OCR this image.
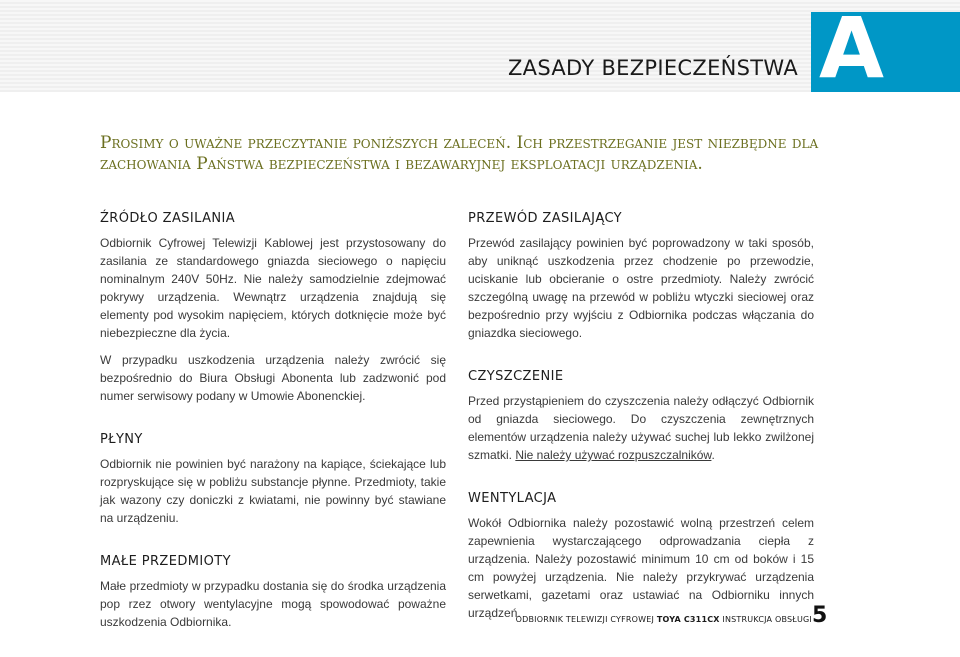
ZASADY BEZPIECZEŃSTWA A
Prosimy o uważne przeczytanie poniższych zaleceń. Ich przestrzeganie jest niezbędne dla zachowania Państwa bezpieczeństwa i bezawaryjnej eksploatacji urządzenia.
ŹRÓDŁO ZASILANIA

Odbiornik Cyfrowej Telewizji Kablowej jest przystosowany do zasilania ze standardowego gniazda sieciowego o napięciu nominalnym 240V 50Hz. Nie należy samodzielnie zdejmować pokrywy urządzenia. Wewnątrz urządzenia znajdują się elementy pod wysokim napięciem, których dotknięcie może być niebezpieczne dla życia.

W przypadku uszkodzenia urządzenia należy zwrócić się bezpośrednio do Biura Obsługi Abonenta lub zadzwonić pod numer serwisowy podany w Umowie Abonenckiej.

PŁYNY

Odbiornik nie powinien być narażony na kapiące, ściekające lub rozpryskujące się w pobliżu substancje płynne. Przedmioty, takie jak wazony czy doniczki z kwiatami, nie powinny być stawiane na urządzeniu.

MAŁE PRZEDMIOTY

Małe przedmioty w przypadku dostania się do środka urządzenia pop rzez otwory wentylacyjne mogą spowodować poważne uszkodzenia Odbiornika.

PRZEWÓD ZASILAJĄCY

Przewód zasilający powinien być poprowadzony w taki sposób, aby uniknąć uszkodzenia przez chodzenie po przewodzie, uciskanie lub obcieranie o ostre przedmioty. Należy zwrócić szczególną uwagę na przewód w pobliżu wtyczki sieciowej oraz bezpośrednio przy wyjściu z Odbiornika podczas włączania do gniazdka sieciowego.

CZYSZCZENIE

Przed przystąpieniem do czyszczenia należy odłączyć Odbiornik od gniazda sieciowego. Do czyszczenia zewnętrznych elementów urządzenia należy używać suchej lub lekko zwilżonej szmatki. Nie należy używać rozpuszczalników.

WENTYLACJA

Wokół Odbiornika należy pozostawić wolną przestrzeń celem zapewnienia wystarczającego odprowadzania ciepła z urządzenia. Należy pozostawić minimum 10 cm od boków i 15 cm powyżej urządzenia. Nie należy przykrywać urządzenia serwetkami, gazetami oraz ustawiać na Odbiorniku innych urządzeń.

ODBIORNIK TELEWIZJI CYFROWEJ TOYA C311CX INSTRUKCJA OBSŁUGI 5
